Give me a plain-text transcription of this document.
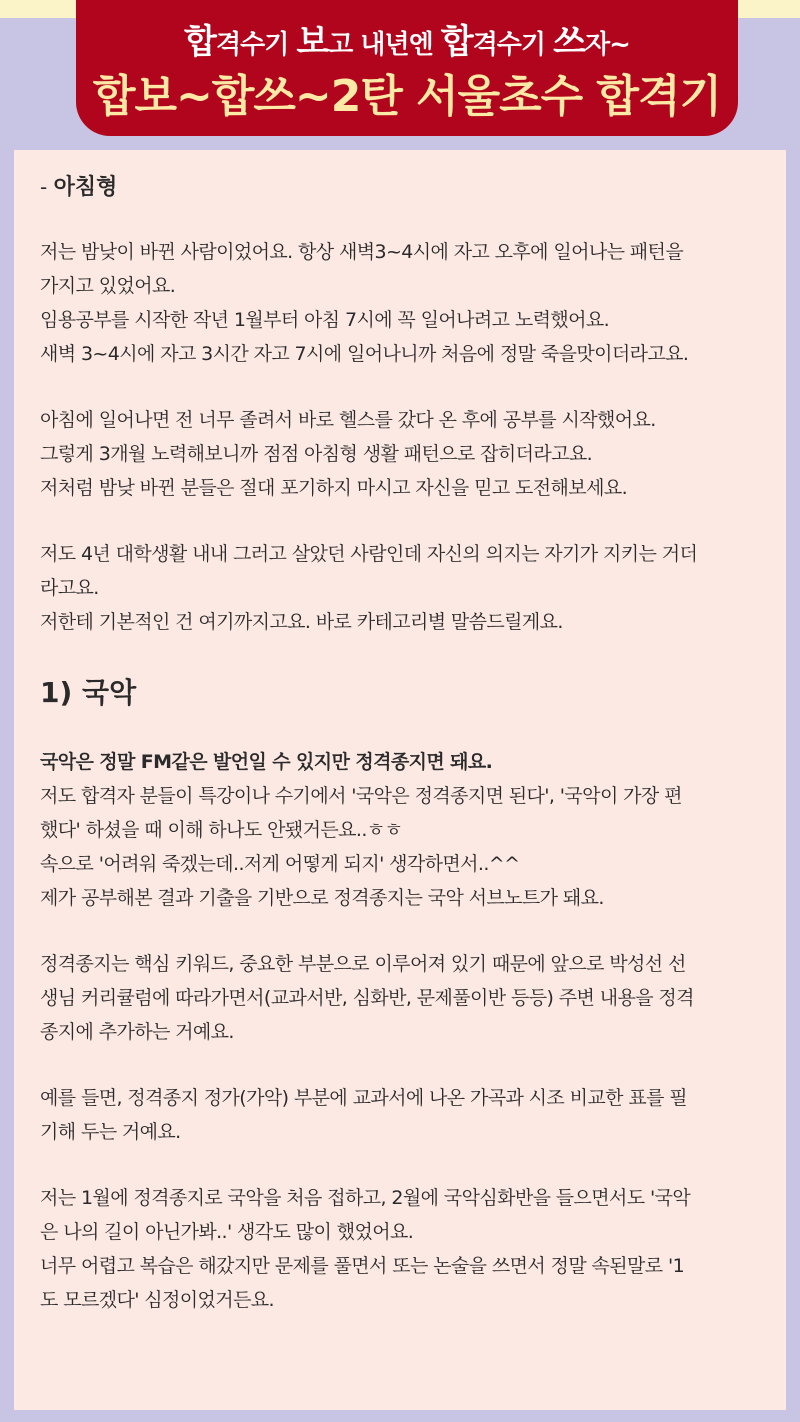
합격수기 보고 내년엔 합격수기 쓰자~
합보~합쓰~2탄 서울초수 합격기
- 아침형
저는 밤낮이 바뀐 사람이었어요. 항상 새벽3~4시에 자고 오후에 일어나는 패턴을
가지고 있었어요.
임용공부를 시작한 작년 1월부터 아침 7시에 꼭 일어나려고 노력했어요.
새벽 3~4시에 자고 3시간 자고 7시에 일어나니까 처음에 정말 죽을맛이더라고요.
아침에 일어나면 전 너무 졸려서 바로 헬스를 갔다 온 후에 공부를 시작했어요.
그렇게 3개월 노력해보니까 점점 아침형 생활 패턴으로 잡히더라고요.
저처럼 밤낮 바뀐 분들은 절대 포기하지 마시고 자신을 믿고 도전해보세요.
저도 4년 대학생활 내내 그러고 살았던 사람인데 자신의 의지는 자기가 지키는 거더
라고요.
저한테 기본적인 건 여기까지고요. 바로 카테고리별 말씀드릴게요.
1) 국악
국악은 정말 FM같은 발언일 수 있지만 정격종지면 돼요.
저도 합격자 분들이 특강이나 수기에서 '국악은 정격종지면 된다', '국악이 가장 편
했다' 하셨을 때 이해 하나도 안됐거든요..ㅎㅎ
속으로 '어려워 죽겠는데..저게 어떻게 되지' 생각하면서..^^
제가 공부해본 결과 기출을 기반으로 정격종지는 국악 서브노트가 돼요.
정격종지는 핵심 키워드, 중요한 부분으로 이루어져 있기 때문에 앞으로 박성선 선
생님 커리큘럼에 따라가면서(교과서반, 심화반, 문제풀이반 등등) 주변 내용을 정격
종지에 추가하는 거예요.
예를 들면, 정격종지 정가(가악) 부분에 교과서에 나온 가곡과 시조 비교한 표를 필
기해 두는 거예요.
저는 1월에 정격종지로 국악을 처음 접하고, 2월에 국악심화반을 들으면서도 '국악
은 나의 길이 아닌가봐..' 생각도 많이 했었어요.
너무 어렵고 복습은 해갔지만 문제를 풀면서 또는 논술을 쓰면서 정말 속된말로 '1
도 모르겠다' 심정이었거든요.
